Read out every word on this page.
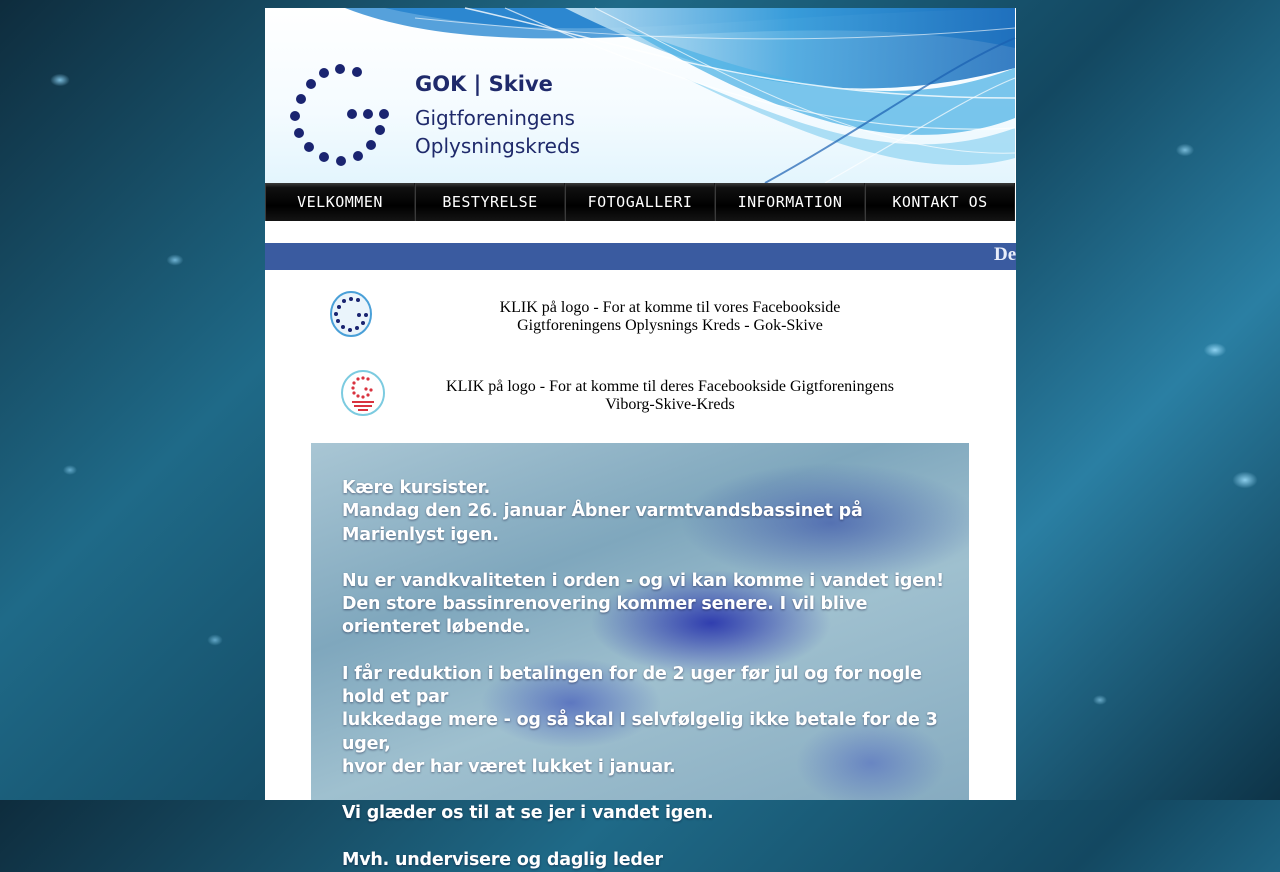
GOK | Skive
Gigtforeningens
Oplysningskreds
VELKOMMEN	BESTYRELSE	FOTOGALLERI	INFORMATION	KONTAKT OS
De
KLIK på logo - For at komme til vores Facebookside
Gigtforeningens Oplysnings Kreds - Gok-Skive
KLIK på logo - For at komme til deres Facebookside Gigtforeningens
Viborg-Skive-Kreds
Kære kursister.
Mandag den 26. januar Åbner varmtvandsbassinet på Marienlyst igen.
Nu er vandkvaliteten i orden - og vi kan komme i vandet igen!
Den store bassinrenovering kommer senere. I vil blive orienteret løbende.
I får reduktion i betalingen for de 2 uger før jul og for nogle hold et par
lukkedage mere - og så skal I selvfølgelig ikke betale for de 3 uger,
hvor der har været lukket i januar.
Vi glæder os til at se jer i vandet igen.
Mvh. undervisere og daglig leder
